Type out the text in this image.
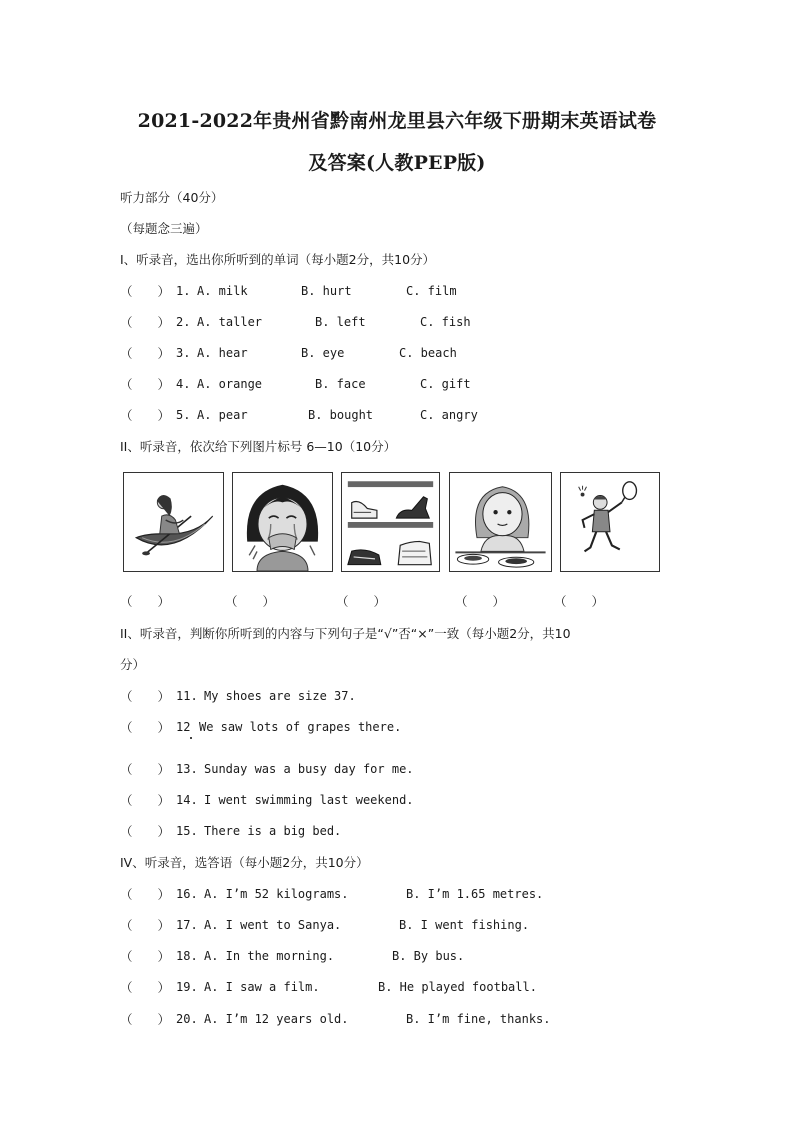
2021-2022年贵州省黔南州龙里县六年级下册期末英语试卷
及答案(人教PEP版)
听力部分（40分）
（每题念三遍）
I、听录音，选出你所听到的单词（每小题2分，共10分）
（　　） 1. A. milk	B. hurt	C. film
（　　） 2. A. taller	B. left	C. fish
（　　） 3. A. hear	B. eye	C. beach
（　　） 4. A. orange	B. face	C. gift
（　　） 5. A. pear	B. bought	C. angry
II、听录音，依次给下列图片标号 6—10（10分）
（　　）	（　　）	（　　）	（　　）	（　　）
II、听录音，判断你所听到的内容与下列句子是“√”否“×”一致（每小题2分，共10
分）
（　　） 11. My shoes are size 37.
（　　） 12 We saw lots of grapes there.
（　　） 13. Sunday was a busy day for me.
（　　） 14. I went swimming last weekend.
（　　） 15. There is a big bed.
IV、听录音，选答语（每小题2分，共10分）
（　　） 16. A. I’m 52 kilograms.	B. I’m 1.65 metres.
（　　） 17. A. I went to Sanya.	B. I went fishing.
（　　） 18. A. In the morning.	B. By bus.
（　　） 19. A. I saw a film.	B. He played football.
（　　） 20. A. I’m 12 years old.	B. I’m fine, thanks.
